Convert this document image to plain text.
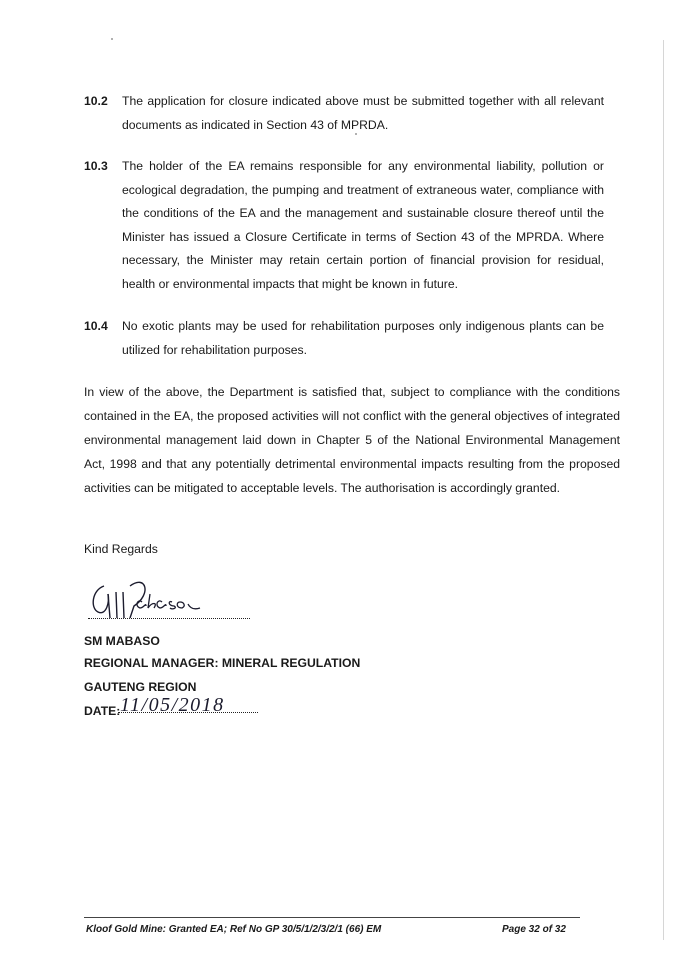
10.2	The application for closure indicated above must be submitted together with all relevant documents as indicated in Section 43 of MPRDA.
10.3	The holder of the EA remains responsible for any environmental liability, pollution or ecological degradation, the pumping and treatment of extraneous water, compliance with the conditions of the EA and the management and sustainable closure thereof until the Minister has issued a Closure Certificate in terms of Section 43 of the MPRDA. Where necessary, the Minister may retain certain portion of financial provision for residual, health or environmental impacts that might be known in future.
10.4	No exotic plants may be used for rehabilitation purposes only indigenous plants can be utilized for rehabilitation purposes.

In view of the above, the Department is satisfied that, subject to compliance with the conditions contained in the EA, the proposed activities will not conflict with the general objectives of integrated environmental management laid down in Chapter 5 of the National Environmental Management Act, 1998 and that any potentially detrimental environmental impacts resulting from the proposed activities can be mitigated to acceptable levels. The authorisation is accordingly granted.

Kind Regards
Mabaso
SM MABASO
REGIONAL MANAGER: MINERAL REGULATION
GAUTENG REGION
DATE: 11/05/2018
Kloof Gold Mine: Granted EA; Ref No GP 30/5/1/2/3/2/1 (66) EM	Page 32 of 32
